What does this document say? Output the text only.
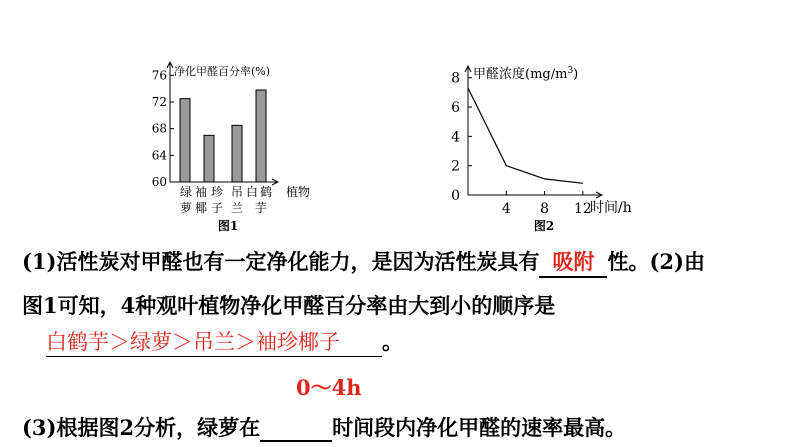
60
64
68
72
76 净化甲醛百分率(%)
绿 袖 珍 吊 白 鹤
萝 椰 子 兰 芋
植物
图1
0
2
4
6
8
4 8 12
甲醛浓度$(mg/m^3)$
时间/h
图2
(1)活性炭对甲醛也有一定净化能力，是因为活性炭具有 吸附 性。(2)由
图1可知，4种观叶植物净化甲醛百分率由大到小的顺序是
白鹤芋＞绿萝＞吊兰＞袖珍椰子 。
0～4h
(3)根据图2分析，绿萝在	时间段内净化甲醛的速率最高。
